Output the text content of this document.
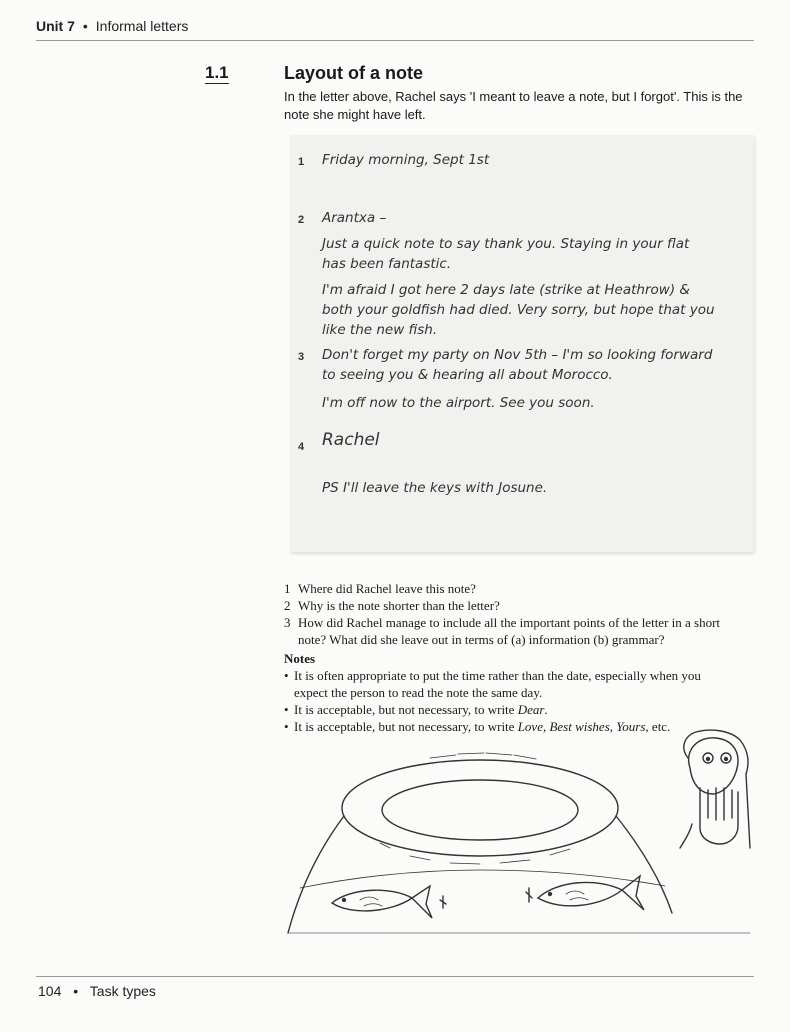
Unit 7 • Informal letters
1.1	Layout of a note
In the letter above, Rachel says 'I meant to leave a note, but I forgot'. This is the note she might have left.
1 Friday morning, Sept 1st
2 Arantxa –
Just a quick note to say thank you. Staying in your flat
has been fantastic.
I'm afraid I got here 2 days late (strike at Heathrow) &
both your goldfish had died. Very sorry, but hope that you
like the new fish.
3 Don't forget my party on Nov 5th – I'm so looking forward
to seeing you & hearing all about Morocco.
I'm off now to the airport. See you soon.
4 Rachel
PS I'll leave the keys with Josune.
1 Where did Rachel leave this note?
2 Why is the note shorter than the letter?
3 How did Rachel manage to include all the important points of the letter in a short
note? What did she leave out in terms of (a) information (b) grammar?
Notes
• It is often appropriate to put the time rather than the date, especially when you
expect the person to read the note the same day.
• It is acceptable, but not necessary, to write Dear.
• It is acceptable, but not necessary, to write Love, Best wishes, Yours, etc.
104 • Task types
